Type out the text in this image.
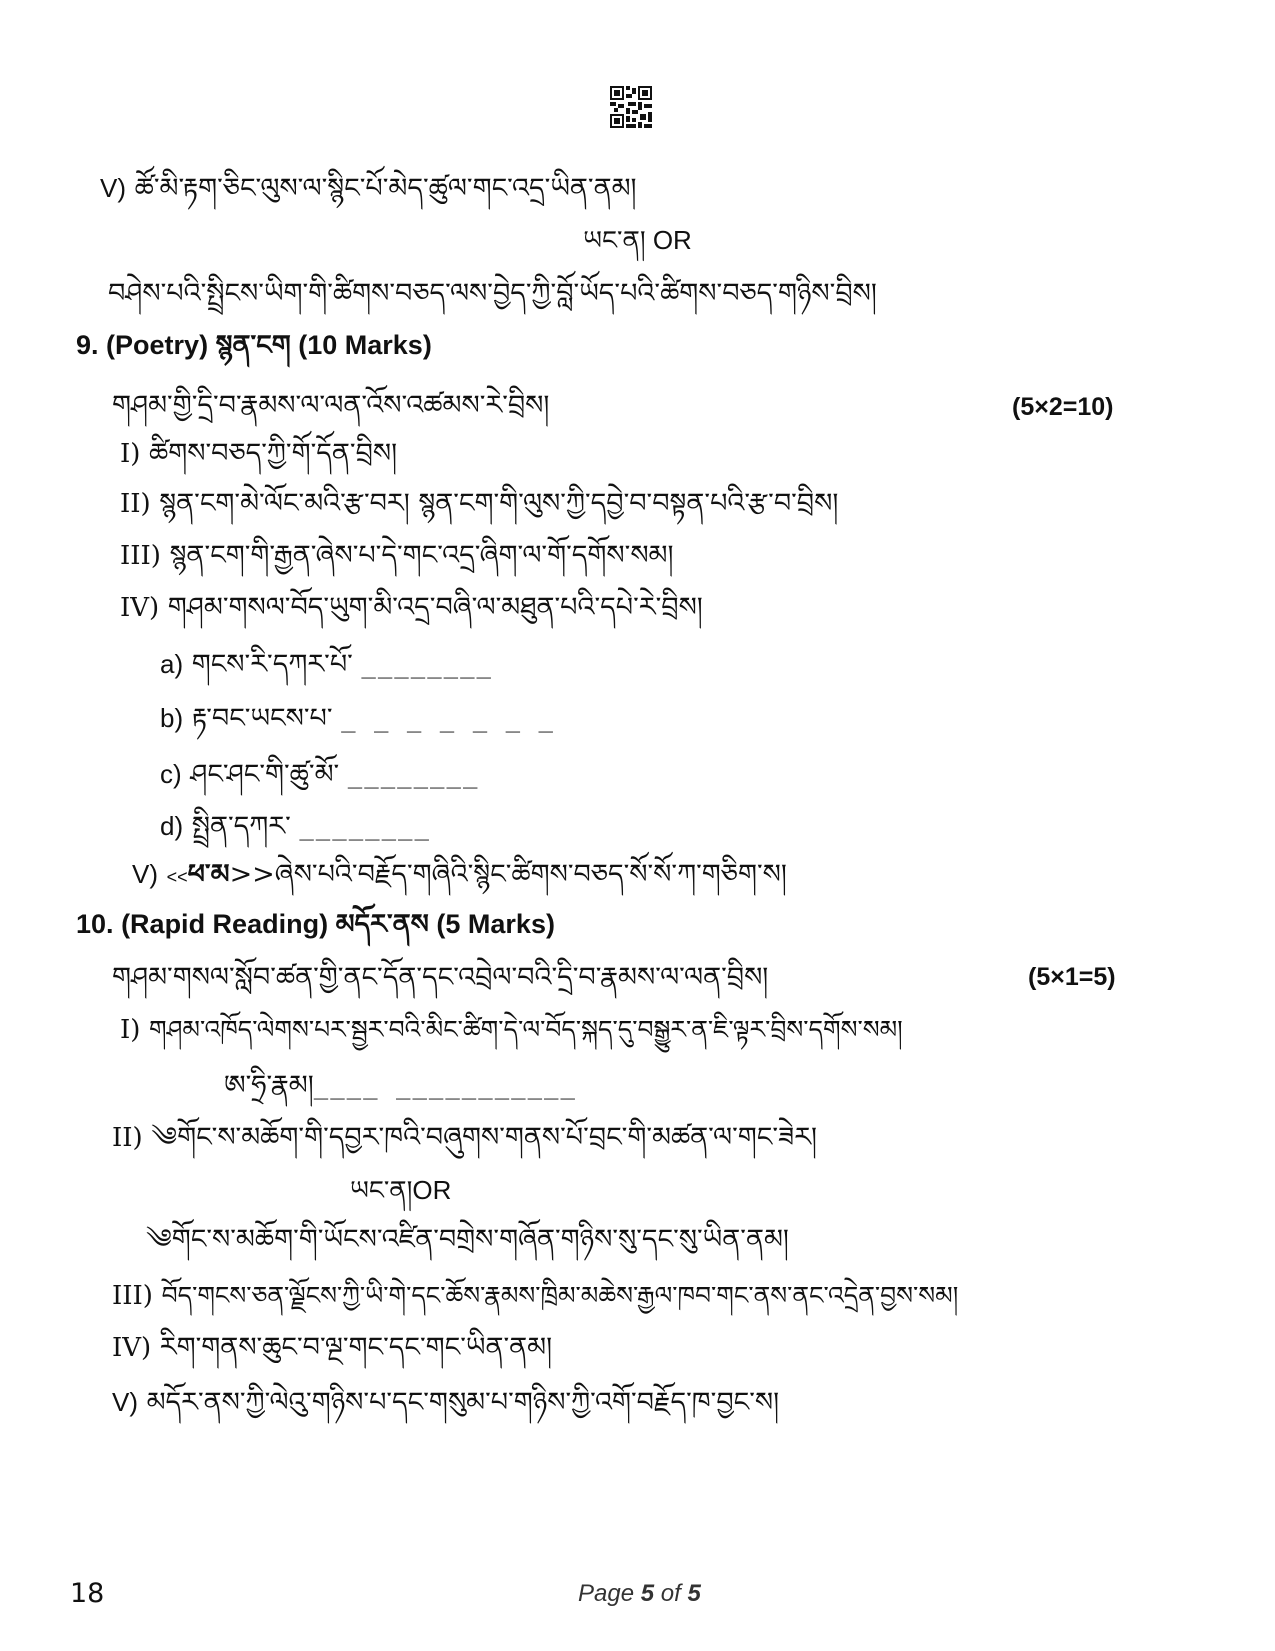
V) ཚོ་མི་རྟག་ཅིང་ལུས་ལ་སྙིང་པོ་མེད་ཚུལ་གང་འདྲ་ཡིན་ནམ།
ཡང་ན། OR
བཤེས་པའི་སྤྲིངས་ཡིག་གི་ཚིགས་བཅད་ལས་བྱེད་ཀྱི་བློ་ཡོད་པའི་ཚིགས་བཅད་གཉིས་བྲིས།
9. (Poetry) སྙན་ངག (10 Marks)
གཤམ་གྱི་དྲི་བ་རྣམས་ལ་ལན་འོས་འཚམས་རེ་བྲིས།	(5×2=10)
I) ཚིགས་བཅད་ཀྱི་གོ་དོན་བྲིས།
II) སྙན་ངག་མེ་ལོང་མའི་རྩ་བར། སྙན་ངག་གི་ལུས་ཀྱི་དབྱེ་བ་བསྟན་པའི་རྩ་བ་བྲིས།
III) སྙན་ངག་གི་རྒྱན་ཞེས་པ་དེ་གང་འདྲ་ཞིག་ལ་གོ་དགོས་སམ།
IV) གཤམ་གསལ་བོད་ཡུག་མི་འདྲ་བཞི་ལ་མཐུན་པའི་དཔེ་རེ་བྲིས།
a) གངས་རི་དཀར་པོ་ ________
b) རྟ་བང་ཡངས་པ་ _ _ _ _ _ _ _
c) ཤང་ཤང་གི་ཚུ་མོ་ ________
d) སྤྲིན་དཀར་ ________
V) <<ཕ་མ>>ཞེས་པའི་བརྗོད་གཞིའི་སྙིང་ཚིགས་བཅད་སོ་སོ་ཀ་གཅིག་ས།
10. (Rapid Reading) མདོར་ནས (5 Marks)
གཤམ་གསལ་སློབ་ཚན་གྱི་ནང་དོན་དང་འབྲེལ་བའི་དྲི་བ་རྣམས་ལ་ལན་བྲིས།	(5×1=5)
I) གཤམ་འཁོད་ལེགས་པར་སྦྱར་བའི་མིང་ཚིག་དེ་ལ་བོད་སྐད་དུ་བསྒྱུར་ན་ཇི་ལྟར་བྲིས་དགོས་སམ།
ཨ་ཧྲི་རྣམ།____ ___________
II) ༄གོང་ས་མཆོག་གི་དབྱར་ཁའི་བཞུགས་གནས་པོ་བྲང་གི་མཚན་ལ་གང་ཟེར།
ཡང་ན།OR
༄གོང་ས་མཆོག་གི་ཡོངས་འཛིན་བགྲེས་གཞོན་གཉིས་སུ་དང་སུ་ཡིན་ནམ།
III) བོད་གངས་ཅན་ལྗོངས་ཀྱི་ཡི་གེ་དང་ཆོས་རྣམས་ཁྲིམ་མཆེས་རྒྱལ་ཁབ་གང་ནས་ནང་འདྲེན་བྱས་སམ།
IV) རིག་གནས་ཆུང་བ་ལྔ་གང་དང་གང་ཡིན་ནམ།
V) མདོར་ནས་ཀྱི་ལེའུ་གཉིས་པ་དང་གསུམ་པ་གཉིས་ཀྱི་འགོ་བརྗོད་ཁ་བྱང་ས།
18	Page 5 of 5
